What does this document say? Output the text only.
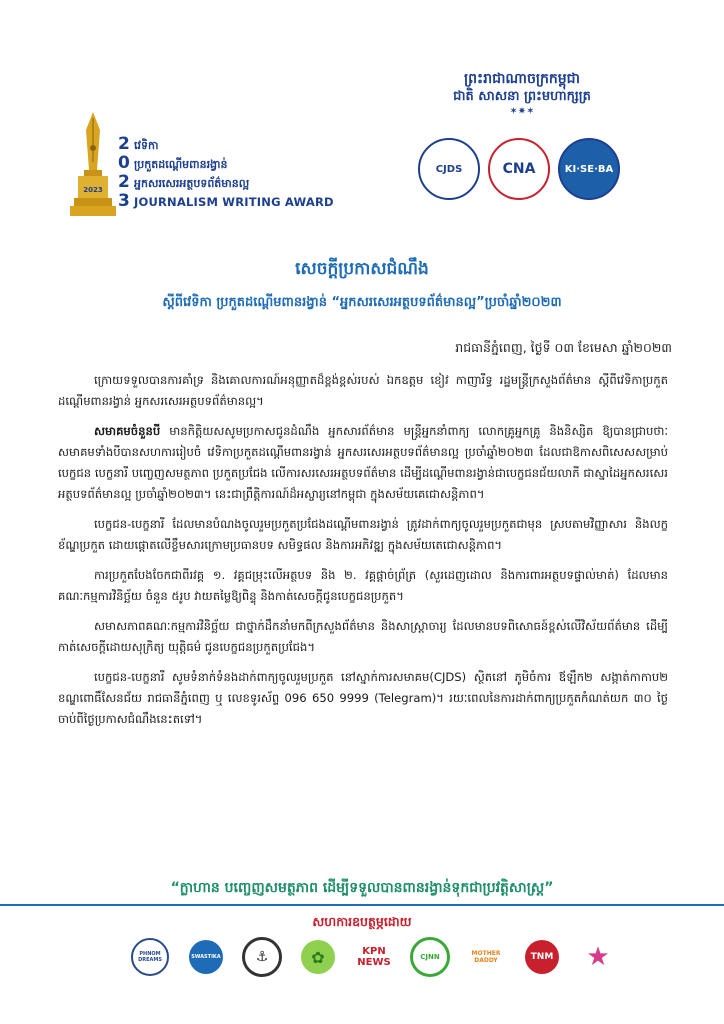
2023
2 វេទិកា
0 ប្រកួតដណ្ដើមពានរង្វាន់
2 អ្នកសរសេរអត្ថបទព័ត៌មានល្អ
3 JOURNALISM WRITING AWARD
ព្រះរាជាណាចក្រកម្ពុជា
ជាតិ សាសនា ព្រះមហាក្សត្រ
✶✷✶
CJDS	CNA	KI·SE·BA
សេចក្ដីប្រកាសជំណឹង
ស្ដីពីវេទិកា ប្រកួតដណ្ដើមពានរង្វាន់ “អ្នកសរសេរអត្ថបទព័ត៌មានល្អ”ប្រចាំឆ្នាំ២០២៣
រាជធានីភ្នំពេញ, ថ្ងៃទី ០៣ ខែមេសា ឆ្នាំ២០២៣

ក្រោយទទួលបានការគាំទ្រ និងគោលការណ៍អនុញ្ញាតដ៏ខ្ពង់ខ្ពស់របស់ ឯកឧត្តម ខៀវ កាញារីទ្ធ រដ្ឋមន្ត្រីក្រសួងព័ត៌មាន ស្ដីពីវេទិកាប្រកួតដណ្ដើមពានរង្វាន់ អ្នកសរសេរអត្ថបទព័ត៌មានល្អ។

សមាគមចំនួនបី មានកិត្តិយសសូមប្រកាសជូនដំណឹង អ្នកសារព័ត៌មាន មន្ត្រីអ្នកនាំពាក្យ លោកគ្រូអ្នកគ្រូ និងនិស្សិត ឱ្យបានជ្រាបថាៈ សមាគមទាំងបីបានសហការរៀបចំ វេទិកាប្រកួតដណ្ដើមពានរង្វាន់ អ្នកសរសេរអត្ថបទព័ត៌មានល្អ ប្រចាំឆ្នាំ២០២៣ ដែលជាឱកាសពិសេសសម្រាប់បេក្ខជន បេក្ខនារី បញ្ចេញសមត្ថភាព ប្រកួតប្រជែង លើការសរសេរអត្ថបទព័ត៌មាន ដើម្បីដណ្ដើមពានរង្វាន់ជាបេក្ខជនជ័យលាភី ជាស្នាដៃអ្នកសរសេរអត្ថបទព័ត៌មានល្អ ប្រចាំឆ្នាំ២០២៣។ នេះជាព្រឹត្តិការណ៍ដ៏អស្ចារ្យនៅកម្ពុជា ក្នុងសម័យគេជោសន្តិភាព។

បេក្ខជន-បេក្ខនារី ដែលមានបំណងចូលរួមប្រកួតប្រជែងដណ្ដើមពានរង្វាន់ ត្រូវដាក់ពាក្យចូលរួមប្រកួតជាមុន ស្របតាមវិញ្ញាសារ និងលក្ខខ័ណ្ឌប្រកួត ដោយផ្ដោតលើខ្លឹមសារក្រោមប្រធានបទ សមិទ្ធផល និងការអភិវឌ្ឍ ក្នុងសម័យតេជោសន្តិភាព។

ការប្រកួតបែងចែកជាពីរវគ្គ ១. វគ្គជម្រុះលើអត្ថបទ និង ២. វគ្គផ្ដាច់ព្រ័ត្រ (សួរដេញដោល និងការពារអត្ថបទផ្ទាល់មាត់) ដែលមានគណៈកម្មការវិនិច្ឆ័យ ចំនួន ៥រូប វាយតម្លៃឱ្យពិន្ទុ និងកាត់សេចក្ដីជូនបេក្ខជនប្រកួត។

សមាសភាពគណៈកម្មការវិនិច្ឆ័យ ជាថ្នាក់ដឹកនាំមកពីក្រសួងព័ត៌មាន និងសាស្ត្រាចារ្យ ដែលមានបទពិសោធន៍ខ្ពស់លើវិស័យព័ត៌មាន ដើម្បីកាត់សេចក្ដីដោយសុក្រិត្យ យុត្តិធម៌ ជូនបេក្ខជនប្រកួតប្រជែង។

បេក្ខជន-បេក្ខនារី សូមទំនាក់ទំនងដាក់ពាក្យចូលរួមប្រកួត នៅស្នាក់ការសមាគម(CJDS) ស្ថិតនៅ ភូមិចំការ ឪឡឹក២ សង្កាត់កាកាប២ ខណ្ឌពោធិ៍សែនជ័យ រាជធានីភ្នំពេញ ឬ លេខទូរស័ព្ទ 096 650 9999 (Telegram)។ រយៈពេលនៃការដាក់ពាក្យប្រកួតកំណត់យក ៣០ ថ្ងៃ ចាប់ពីថ្ងៃប្រកាសជំណឹងនេះតទៅ។

“ក្លាហាន បញ្ចេញសមត្ថភាព ដើម្បីទទួលបានពានរង្វាន់ទុកជាប្រវត្តិសាស្ត្រ”
សហការឧបត្ថម្ភដោយ
PHNOM DREAMS	SWASTIKA	⚓	✿	KPN NEWS	CJNN	MOTHER DADDY	TNM ★
